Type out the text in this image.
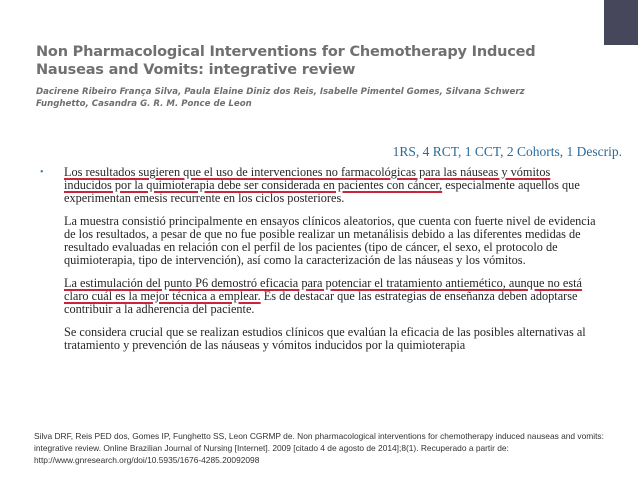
Non Pharmacological Interventions for Chemotherapy Induced Nauseas and Vomits: integrative review
Dacirene Ribeiro França Silva, Paula Elaine Diniz dos Reis, Isabelle Pimentel Gomes, Silvana Schwerz Funghetto, Casandra G. R. M. Ponce de Leon
1RS, 4 RCT, 1 CCT, 2 Cohorts, 1 Descrip.
•	Los resultados sugieren que el uso de intervenciones no farmacológicas para las náuseas y vómitos inducidos por la quimioterapia debe ser considerada en pacientes con cáncer, especialmente aquellos que experimentan emesis recurrente en los ciclos posteriores.

La muestra consistió principalmente en ensayos clínicos aleatorios, que cuenta con fuerte nivel de evidencia de los resultados, a pesar de que no fue posible realizar un metanálisis debido a las diferentes medidas de resultado evaluadas en relación con el perfil de los pacientes (tipo de cáncer, el sexo, el protocolo de quimioterapia, tipo de intervención), así como la caracterización de las náuseas y los vómitos.

La estimulación del punto P6 demostró eficacia para potenciar el tratamiento antiemético, aunque no está claro cuál es la mejor técnica a emplear. Es de destacar que las estrategias de enseñanza deben adoptarse contribuir a la adherencia del paciente.

Se considera crucial que se realizan estudios clínicos que evalúan la eficacia de las posibles alternativas al tratamiento y prevención de las náuseas y vómitos inducidos por la quimioterapia

Silva DRF, Reis PED dos, Gomes IP, Funghetto SS, Leon CGRMP de. Non pharmacological interventions for chemotherapy induced nauseas and vomits: integrative review. Online Brazilian Journal of Nursing [Internet]. 2009 [citado 4 de agosto de 2014];8(1). Recuperado a partir de: http://www.gnresearch.org/doi/10.5935/1676-4285.20092098
